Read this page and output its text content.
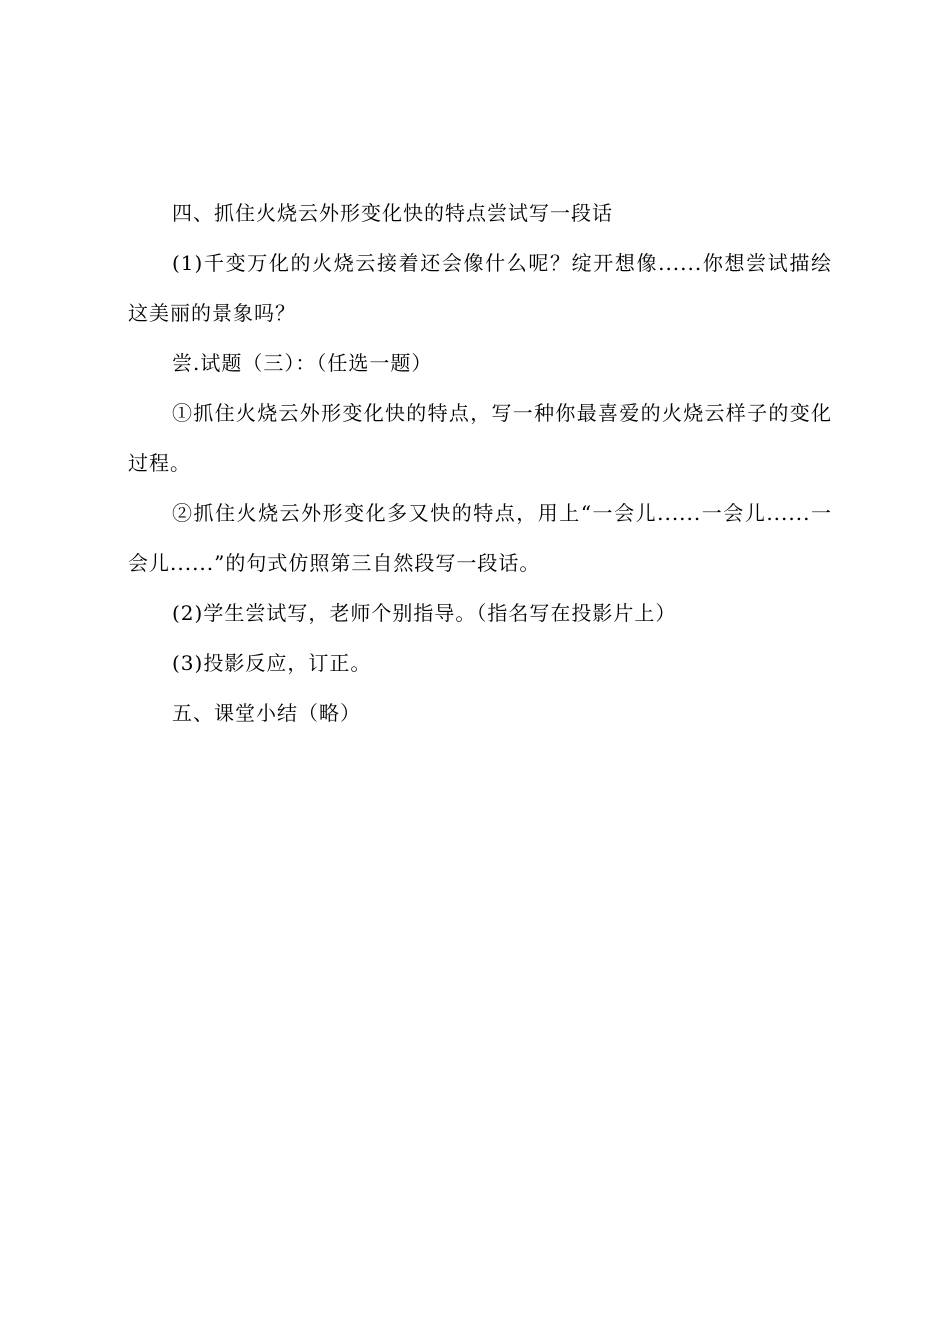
四、抓住火烧云外形变化快的特点尝试写一段话

(1)千变万化的火烧云接着还会像什么呢？绽开想像......你想尝试描绘这美丽的景象吗？

尝.试题（三）：（任选一题）

①抓住火烧云外形变化快的特点，写一种你最喜爱的火烧云样子的变化过程。

②抓住火烧云外形变化多又快的特点，用上“一会儿......一会儿......一会儿......”的句式仿照第三自然段写一段话。

(2)学生尝试写，老师个别指导。（指名写在投影片上）

(3)投影反应，订正。

五、课堂小结（略）
